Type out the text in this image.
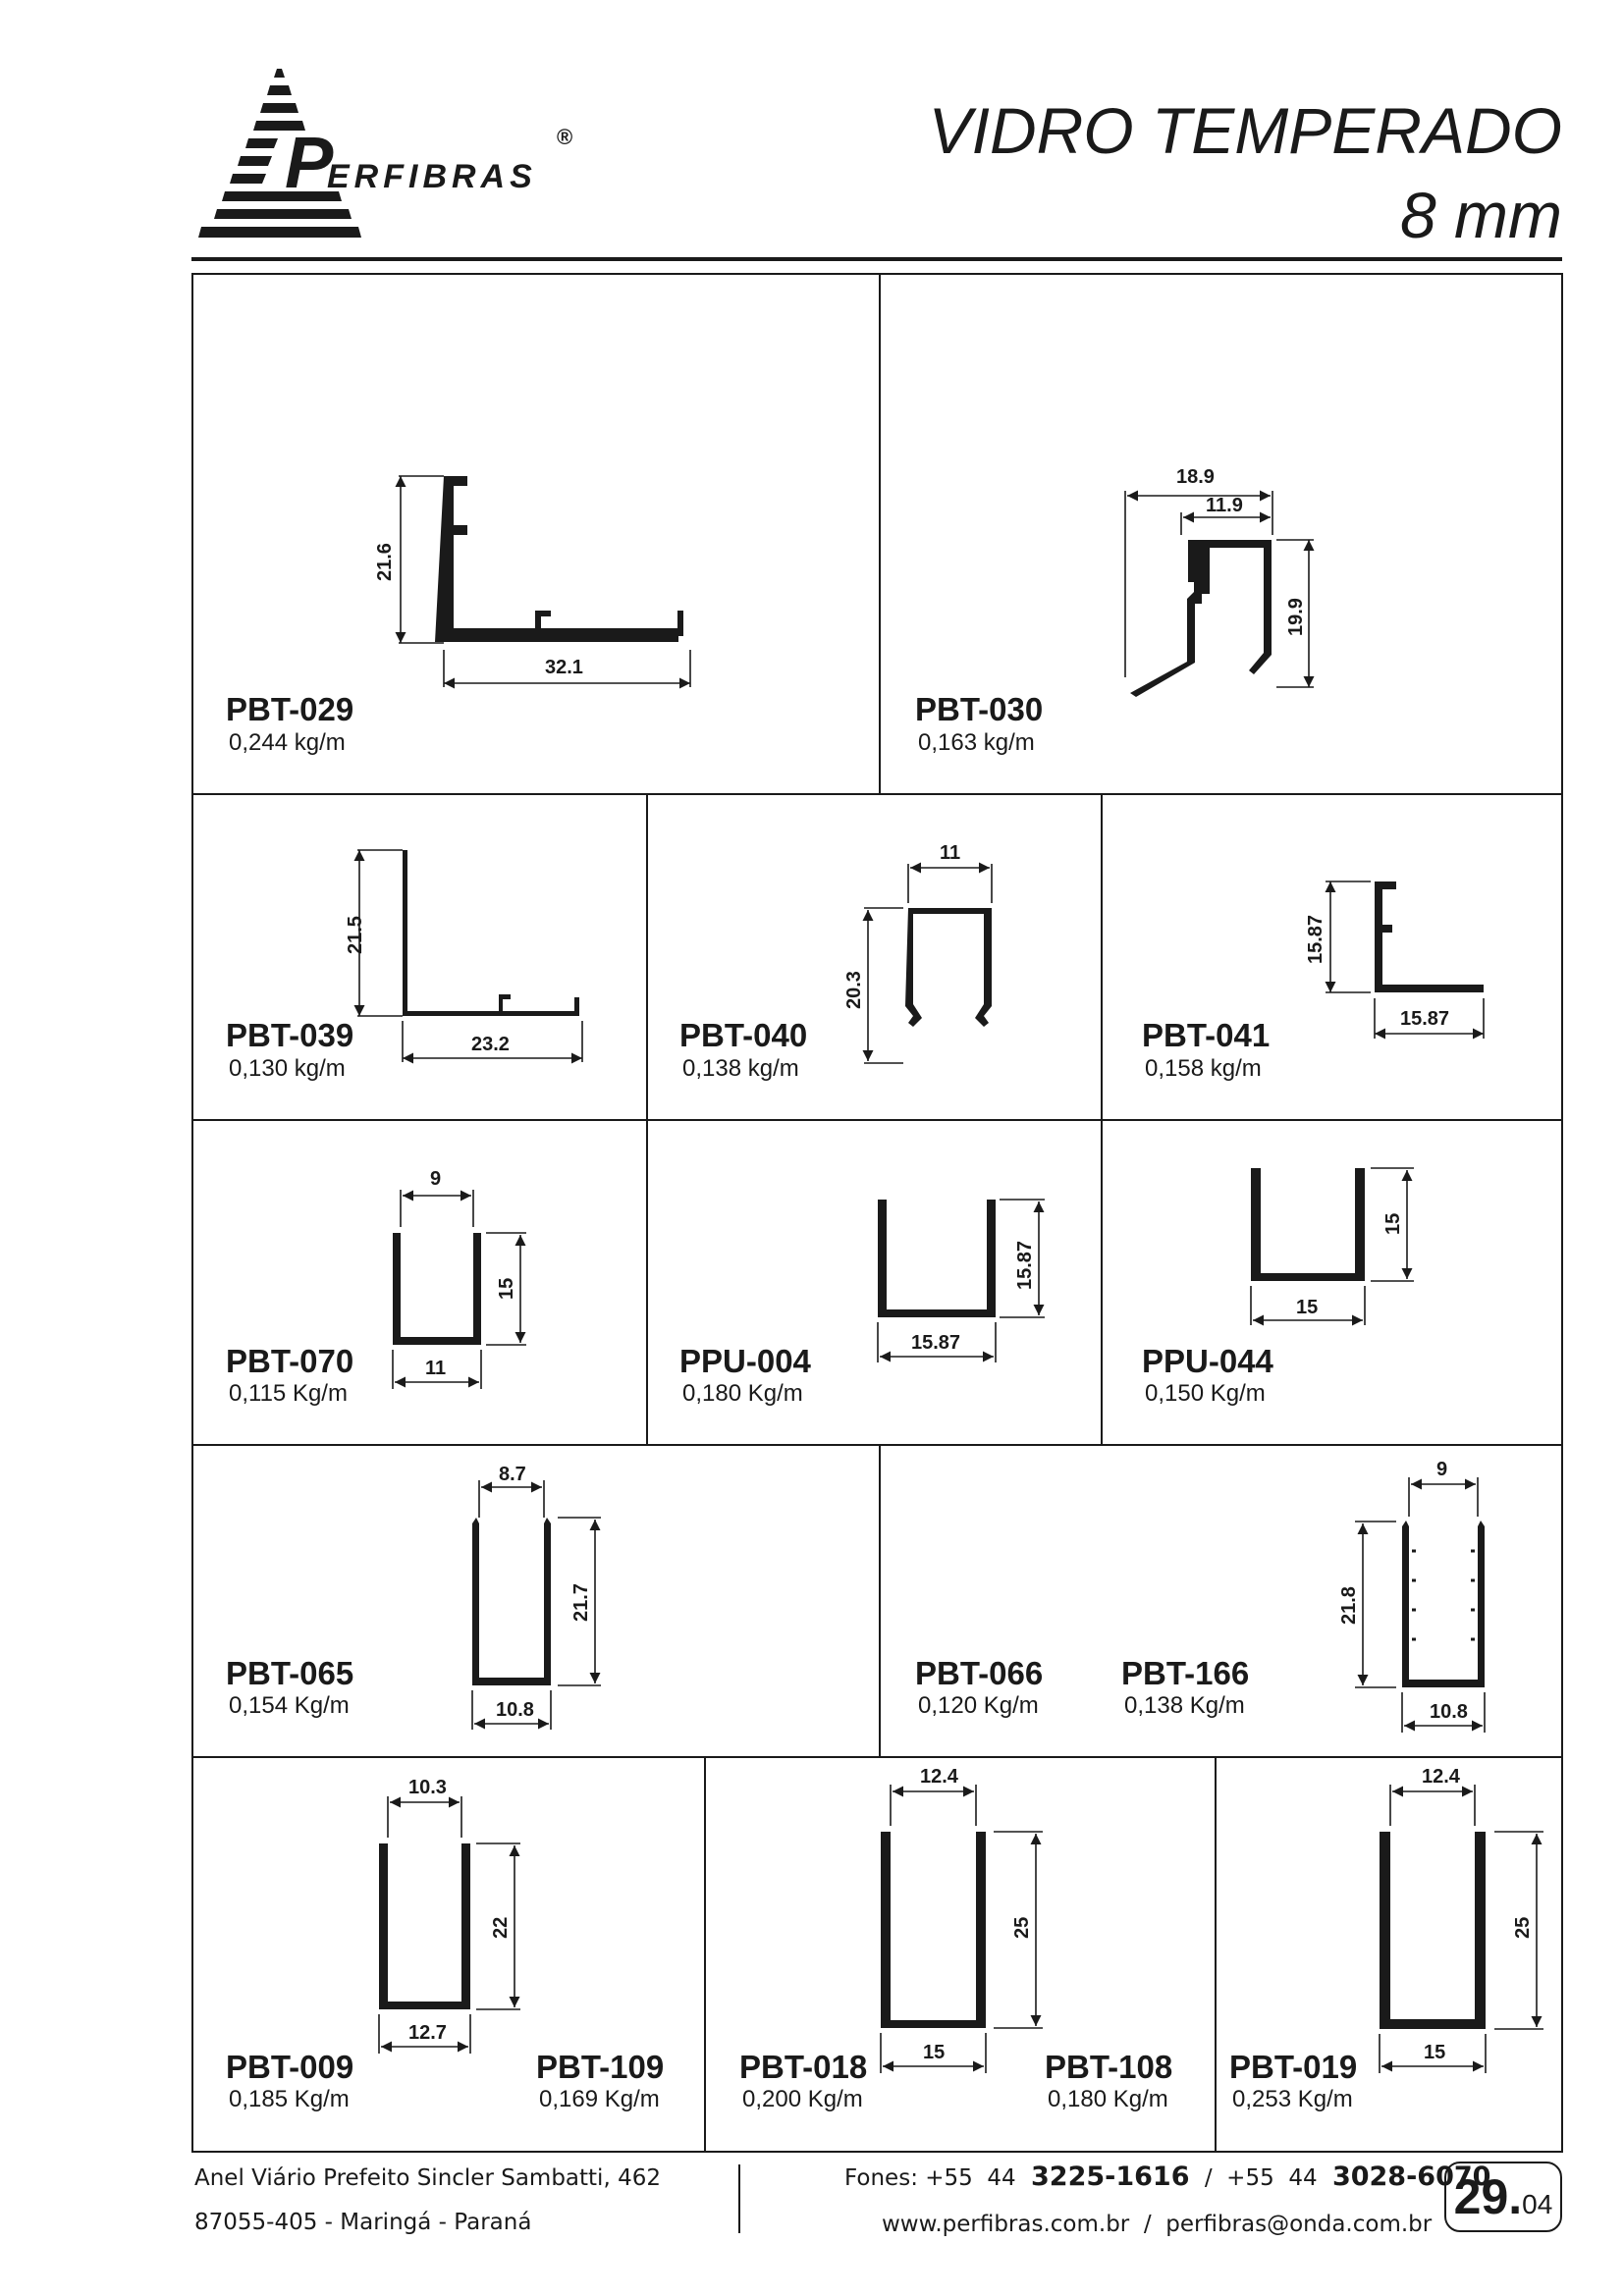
P
ERFIBRAS
®	VIDRO TEMPERADO
8 mm
PBT-029
0,244 kg/m
PBT-030
0,163 kg/m
PBT-039
0,130 kg/m
PBT-040
0,138 kg/m
PBT-041
0,158 kg/m
PBT-070
0,115 Kg/m
PPU-004
0,180 Kg/m
PPU-044
0,150 Kg/m
PBT-065
0,154 Kg/m
PBT-066
0,120 Kg/m
PBT-166
0,138 Kg/m
PBT-009
0,185 Kg/m
PBT-109
0,169 Kg/m
PBT-018
0,200 Kg/m
PBT-108
0,180 Kg/m
PBT-019
0,253 Kg/m
21.6
32.1
18.9
11.9
19.9
21.5
23.2
11
20.3
15.87
15.87
9
15
11
15.87
15.87
15
15
8.7
21.7
10.8
9
21.8
10.8
10.3
22
12.7
12.4
25
15
12.4
25
15
Anel Viário Prefeito Sincler Sambatti, 462
87055-405 - Maringá - Paraná
Fones: +55  44 3225-1616 /  +55  44 3028-6070
www.perfibras.com.br  /  perfibras@onda.com.br 29.04
